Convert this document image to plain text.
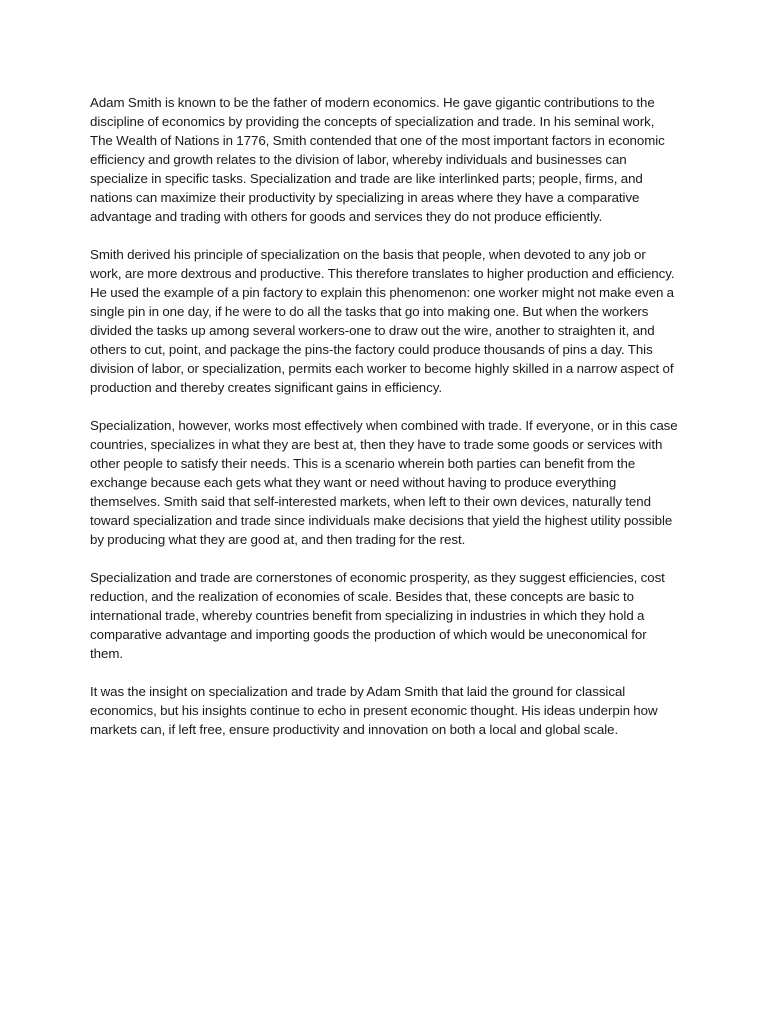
Adam Smith is known to be the father of modern economics. He gave gigantic contributions to the discipline of economics by providing the concepts of specialization and trade. In his seminal work, The Wealth of Nations in 1776, Smith contended that one of the most important factors in economic efficiency and growth relates to the division of labor, whereby individuals and businesses can specialize in specific tasks. Specialization and trade are like interlinked parts; people, firms, and nations can maximize their productivity by specializing in areas where they have a comparative advantage and trading with others for goods and services they do not produce efficiently.

Smith derived his principle of specialization on the basis that people, when devoted to any job or work, are more dextrous and productive. This therefore translates to higher production and efficiency. He used the example of a pin factory to explain this phenomenon: one worker might not make even a single pin in one day, if he were to do all the tasks that go into making one. But when the workers divided the tasks up among several workers-one to draw out the wire, another to straighten it, and others to cut, point, and package the pins-the factory could produce thousands of pins a day. This division of labor, or specialization, permits each worker to become highly skilled in a narrow aspect of production and thereby creates significant gains in efficiency.

Specialization, however, works most effectively when combined with trade. If everyone, or in this case countries, specializes in what they are best at, then they have to trade some goods or services with other people to satisfy their needs. This is a scenario wherein both parties can benefit from the exchange because each gets what they want or need without having to produce everything themselves. Smith said that self-interested markets, when left to their own devices, naturally tend toward specialization and trade since individuals make decisions that yield the highest utility possible by producing what they are good at, and then trading for the rest.

Specialization and trade are cornerstones of economic prosperity, as they suggest efficiencies, cost reduction, and the realization of economies of scale. Besides that, these concepts are basic to international trade, whereby countries benefit from specializing in industries in which they hold a comparative advantage and importing goods the production of which would be uneconomical for them.

It was the insight on specialization and trade by Adam Smith that laid the ground for classical economics, but his insights continue to echo in present economic thought. His ideas underpin how markets can, if left free, ensure productivity and innovation on both a local and global scale.
